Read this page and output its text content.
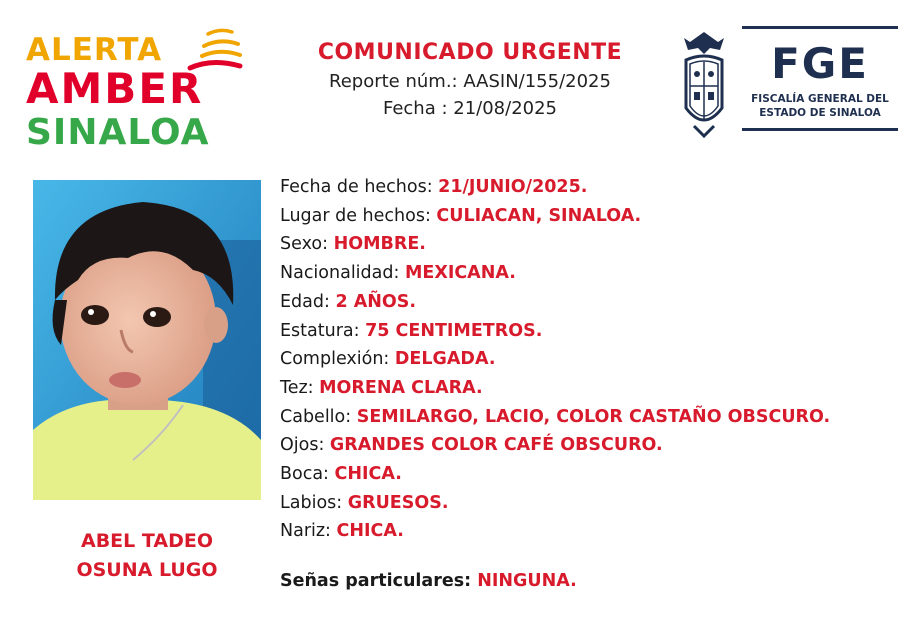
ALERTA
AMBER
SINALOA
COMUNICADO URGENTE
Reporte núm.: AASIN/155/2025
Fecha : 21/08/2025
FGE
FISCALÍA GENERAL DEL
ESTADO DE SINALOA
ABEL TADEO
OSUNA LUGO
Fecha de hechos: 21/JUNIO/2025.
Lugar de hechos: CULIACAN, SINALOA.
Sexo: HOMBRE.
Nacionalidad: MEXICANA.
Edad: 2 AÑOS.
Estatura: 75 CENTIMETROS.
Complexión: DELGADA.
Tez: MORENA CLARA.
Cabello: SEMILARGO, LACIO, COLOR CASTAÑO OBSCURO.
Ojos: GRANDES COLOR CAFÉ OBSCURO.
Boca: CHICA.
Labios: GRUESOS.
Nariz: CHICA.
Señas particulares: NINGUNA.
